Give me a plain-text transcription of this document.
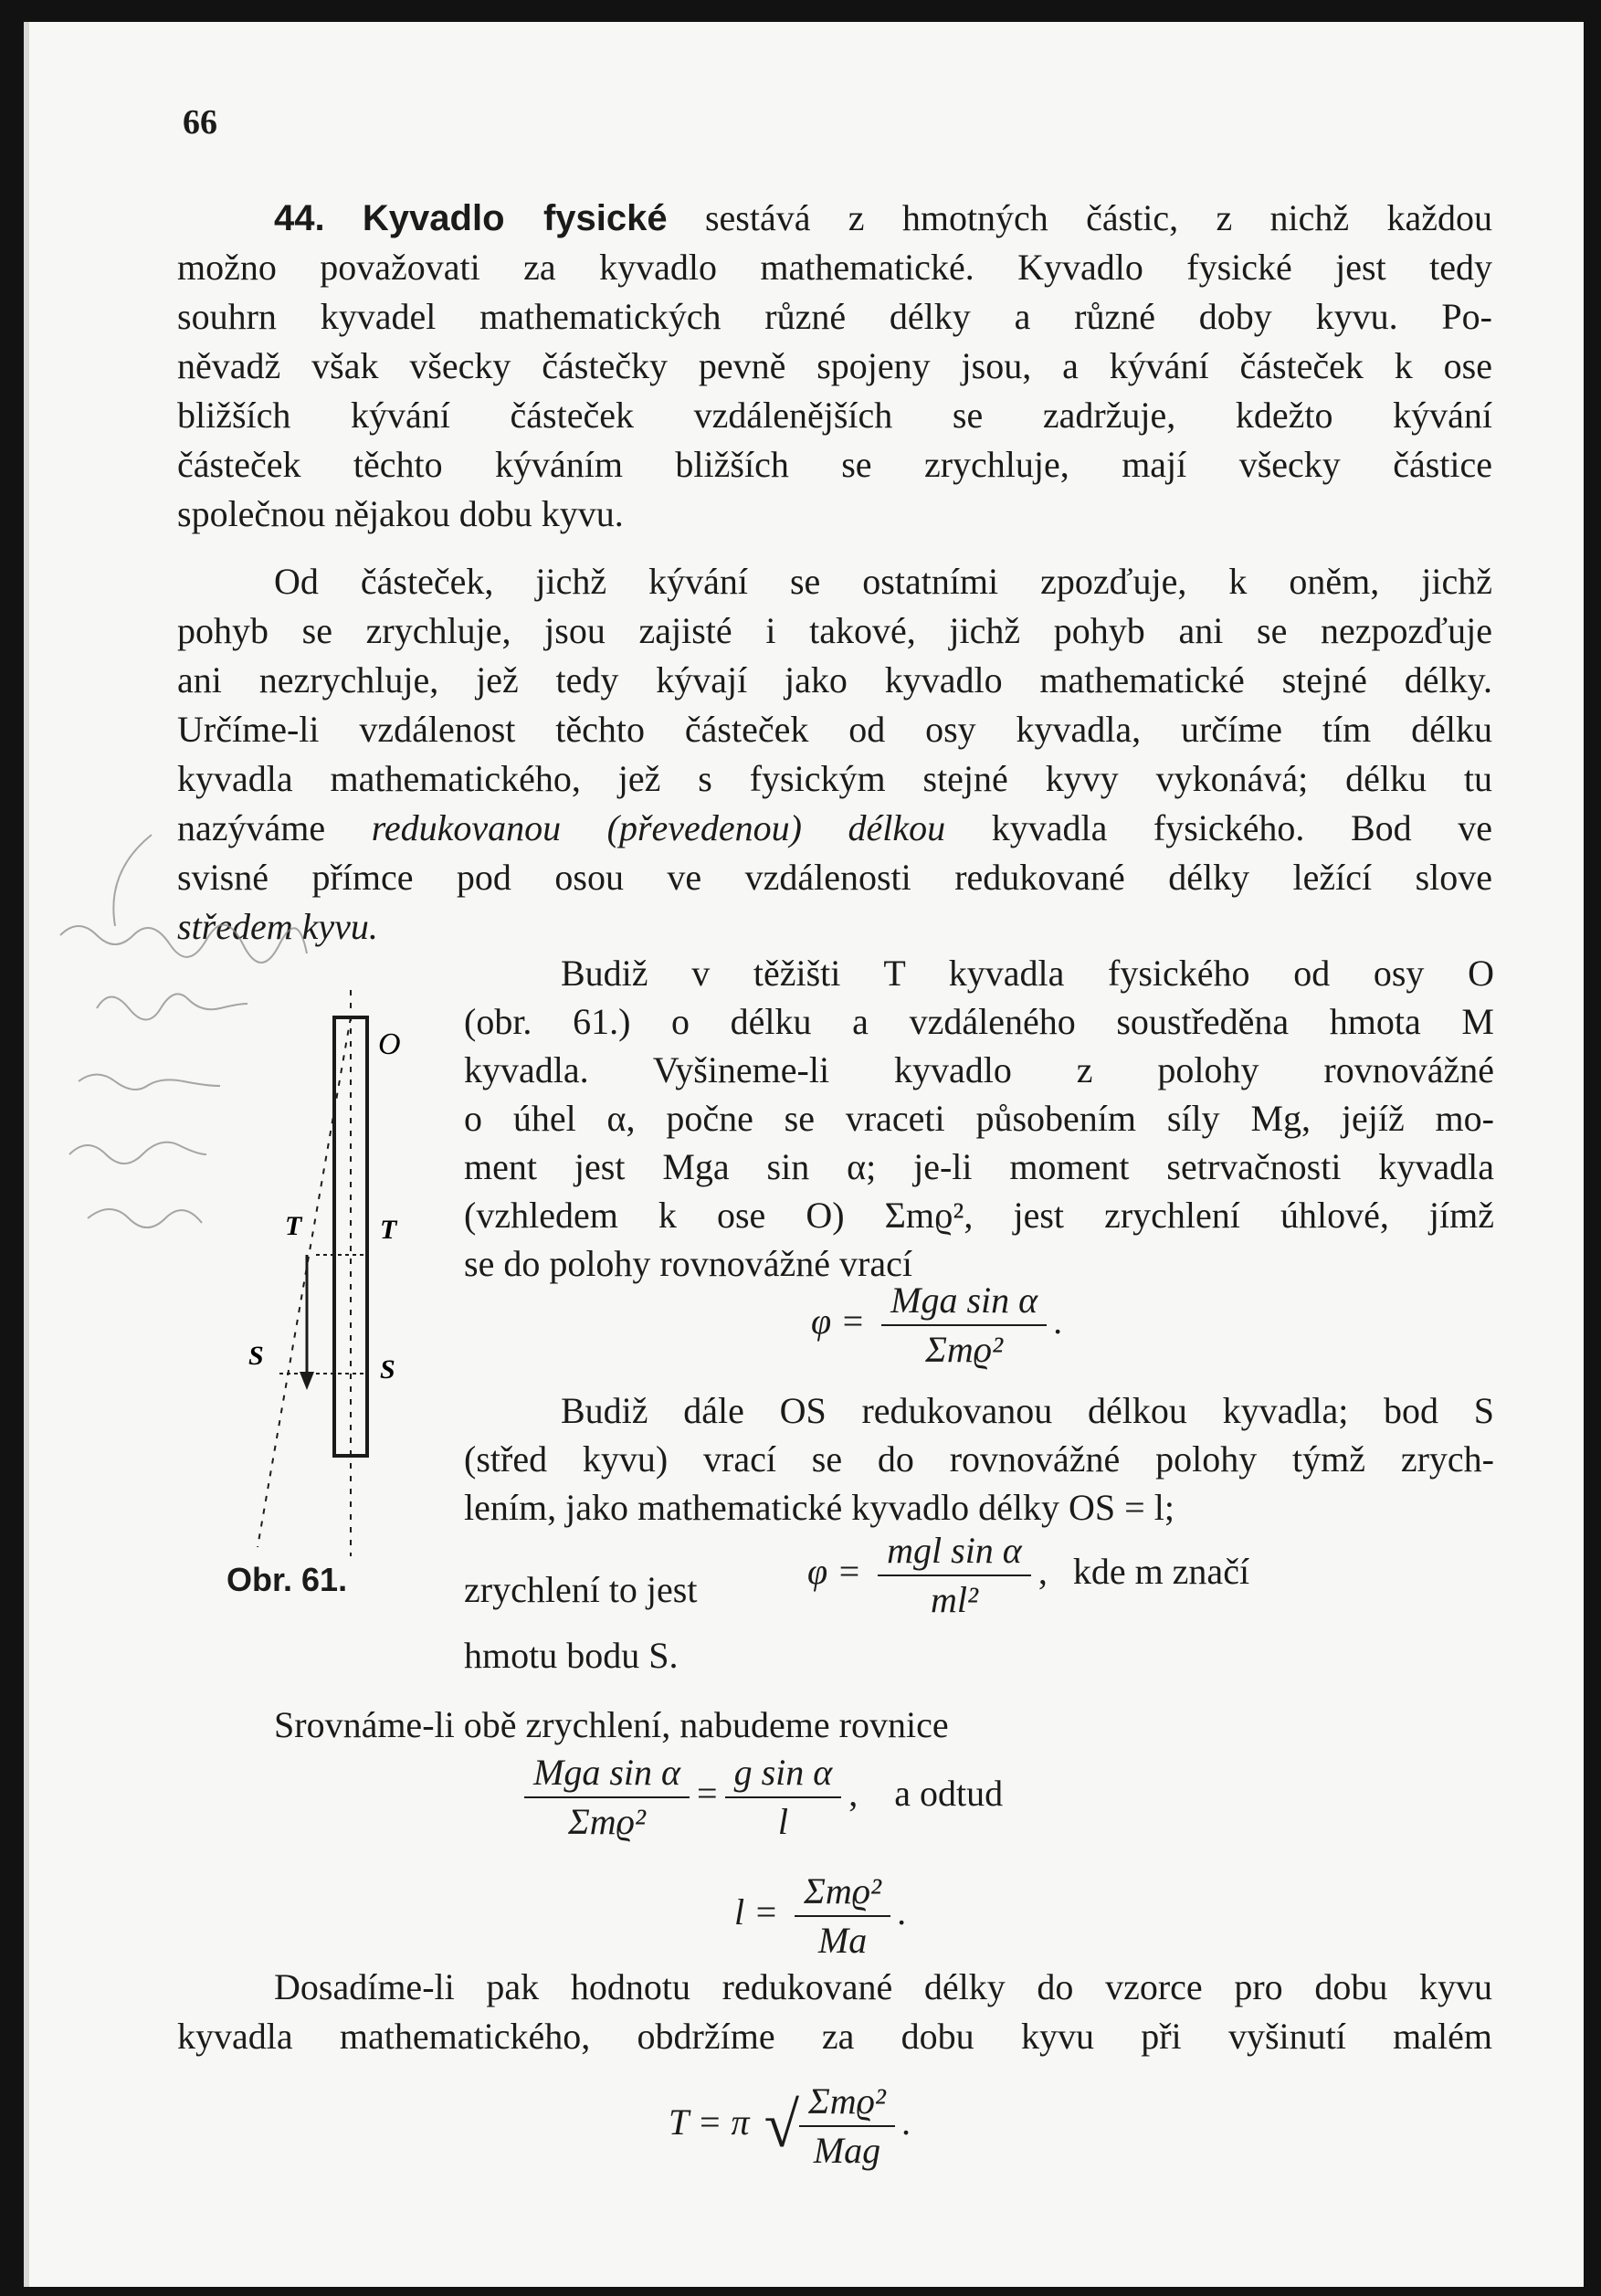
66
44. Kyvadlo fysické sestává z hmotných částic, z nichž každou
možno považovati za kyvadlo mathematické. Kyvadlo fysické jest tedy
souhrn kyvadel mathematických různé délky a různé doby kyvu. Po-
něvadž však všecky částečky pevně spojeny jsou, a kývání částeček k ose
bližších kývání částeček vzdálenějších se zadržuje, kdežto kývání
částeček těchto kýváním bližších se zrychluje, mají všecky částice
společnou nějakou dobu kyvu.
Od částeček, jichž kývání se ostatními zpozďuje, k oněm, jichž
pohyb se zrychluje, jsou zajisté i takové, jichž pohyb ani se nezpozďuje
ani nezrychluje, jež tedy kývají jako kyvadlo mathematické stejné délky.
Určíme-li vzdálenost těchto částeček od osy kyvadla, určíme tím délku
kyvadla mathematického, jež s fysickým stejné kyvy vykonává; délku tu
nazýváme redukovanou (převedenou) délkou kyvadla fysického. Bod ve
svisné přímce pod osou ve vzdálenosti redukované délky ležící slove
středem kyvu.
Budiž v těžišti T kyvadla fysického od osy O
(obr. 61.) o délku a vzdáleného soustředěna hmota M
kyvadla. Vyšineme-li kyvadlo z polohy rovnovážné
o úhel α, počne se vraceti působením síly Mg, jejíž mo-
ment jest Mga sin α; je-li moment setrvačnosti kyvadla
(vzhledem k ose O) Σmϱ², jest zrychlení úhlové, jímž
se do polohy rovnovážné vrací
$\varphi = \frac{\text{Mga sin α}}{\text{Σmϱ²}}$ .
Budiž dále OS redukovanou délkou kyvadla; bod S
(střed kyvu) vrací se do rovnovážné polohy týmž zrych-
lením, jako mathematické kyvadlo délky OS = l;
zrychlení to jest	$\varphi = \frac{\text{mgl sin α}}{\text{ml²}}$ , kde m značí
hmotu bodu S.
Srovnáme-li obě zrychlení, nabudeme rovnice
$\frac{\text{Mga sin α}}{\text{Σmϱ²}} = \frac{\text{g sin α}}{l}$ , a odtud
$l = \frac{\text{Σmϱ²}}{Ma}$ .
Dosadíme-li pak hodnotu redukované délky do vzorce pro dobu kyvu
kyvadla mathematického, obdržíme za dobu kyvu při vyšinutí malém
T = π √ $\frac{\text{Σmϱ²}}{\text{Mag}}$ .
O
T	T
S	S
Obr. 61.
